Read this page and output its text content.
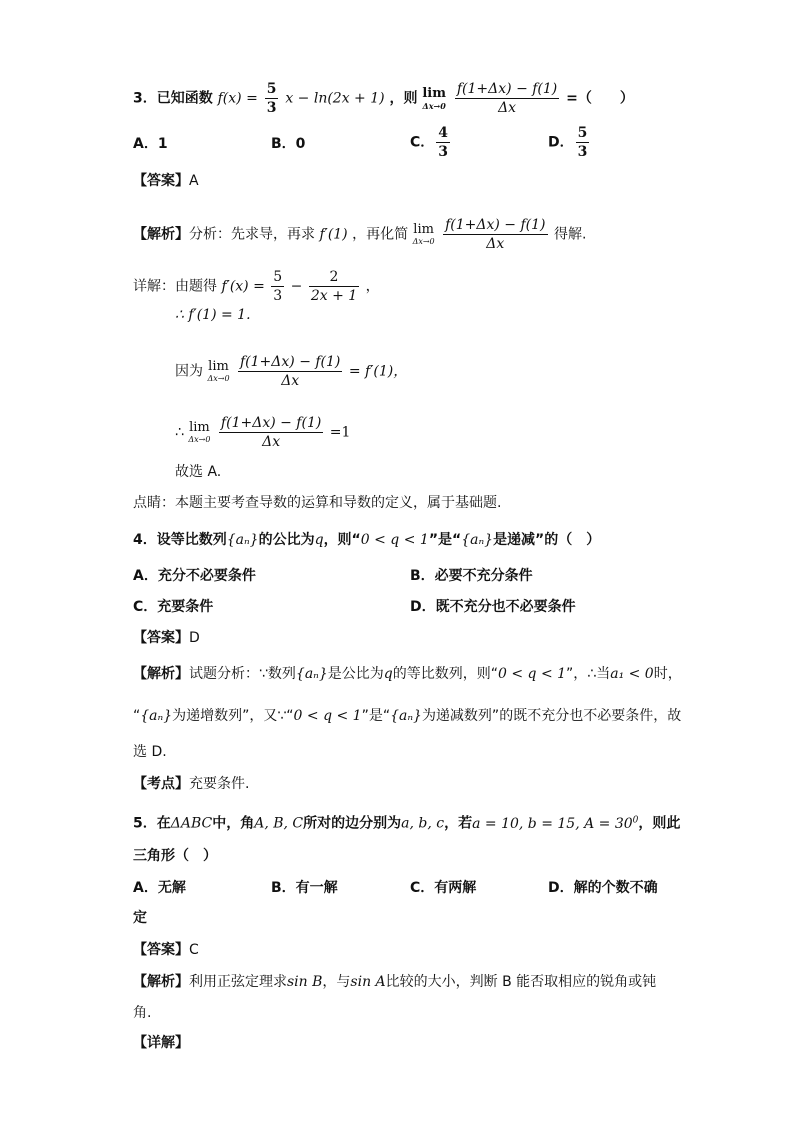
3．已知函数 $f(x) = \frac{5}{3}$ x − ln(2x + 1) ，则 lim
Δx→0
$\frac{f(1+\Delta x) - f(1)}{\Delta x}$ =（　　）
A．1	B．0	C． $\frac{4}{3}$	D． $\frac{5}{3}$
【答案】A
【解析】分析：先求导，再求 f′(1) ，再化简 lim
Δx→0
$\frac{f(1+\Delta x) - f(1)}{\Delta x}$ 得解.
详解：由题得 $f'(x) = \frac{5}{3} - \frac{2}{2x + 1}$ ，
∴ f′(1) = 1.
因为 lim
Δx→0
$\frac{f(1+\Delta x) - f(1)}{\Delta x} = f'(1)$，
∴ lim
Δx→0
$\frac{f(1+\Delta x) - f(1)}{\Delta x} =1$
故选 A.
点睛：本题主要考查导数的运算和导数的定义，属于基础题.
4．设等比数列{aₙ}的公比为q，则“0 < q < 1”是“{aₙ}是递减”的（　）
A．充分不必要条件	B．必要不充分条件
C．充要条件	D．既不充分也不必要条件
【答案】D
【解析】试题分析：∵数列{aₙ}是公比为q的等比数列，则“0 < q < 1”，∴当a₁ < 0时，
“{aₙ}为递增数列”，又∵“0 < q < 1”是“{aₙ}为递减数列”的既不充分也不必要条件，故
选 D.
【考点】充要条件.
5．在ΔABC中，角A, B, C所对的边分别为a, b, c，若a = 10, b = 15, $A = 30^0$，则此
三角形（　）
A．无解	B．有一解	C．有两解	D．解的个数不确
定
【答案】C
【解析】利用正弦定理求sin B，与sin A比较的大小，判断 B 能否取相应的锐角或钝
角.
【详解】
